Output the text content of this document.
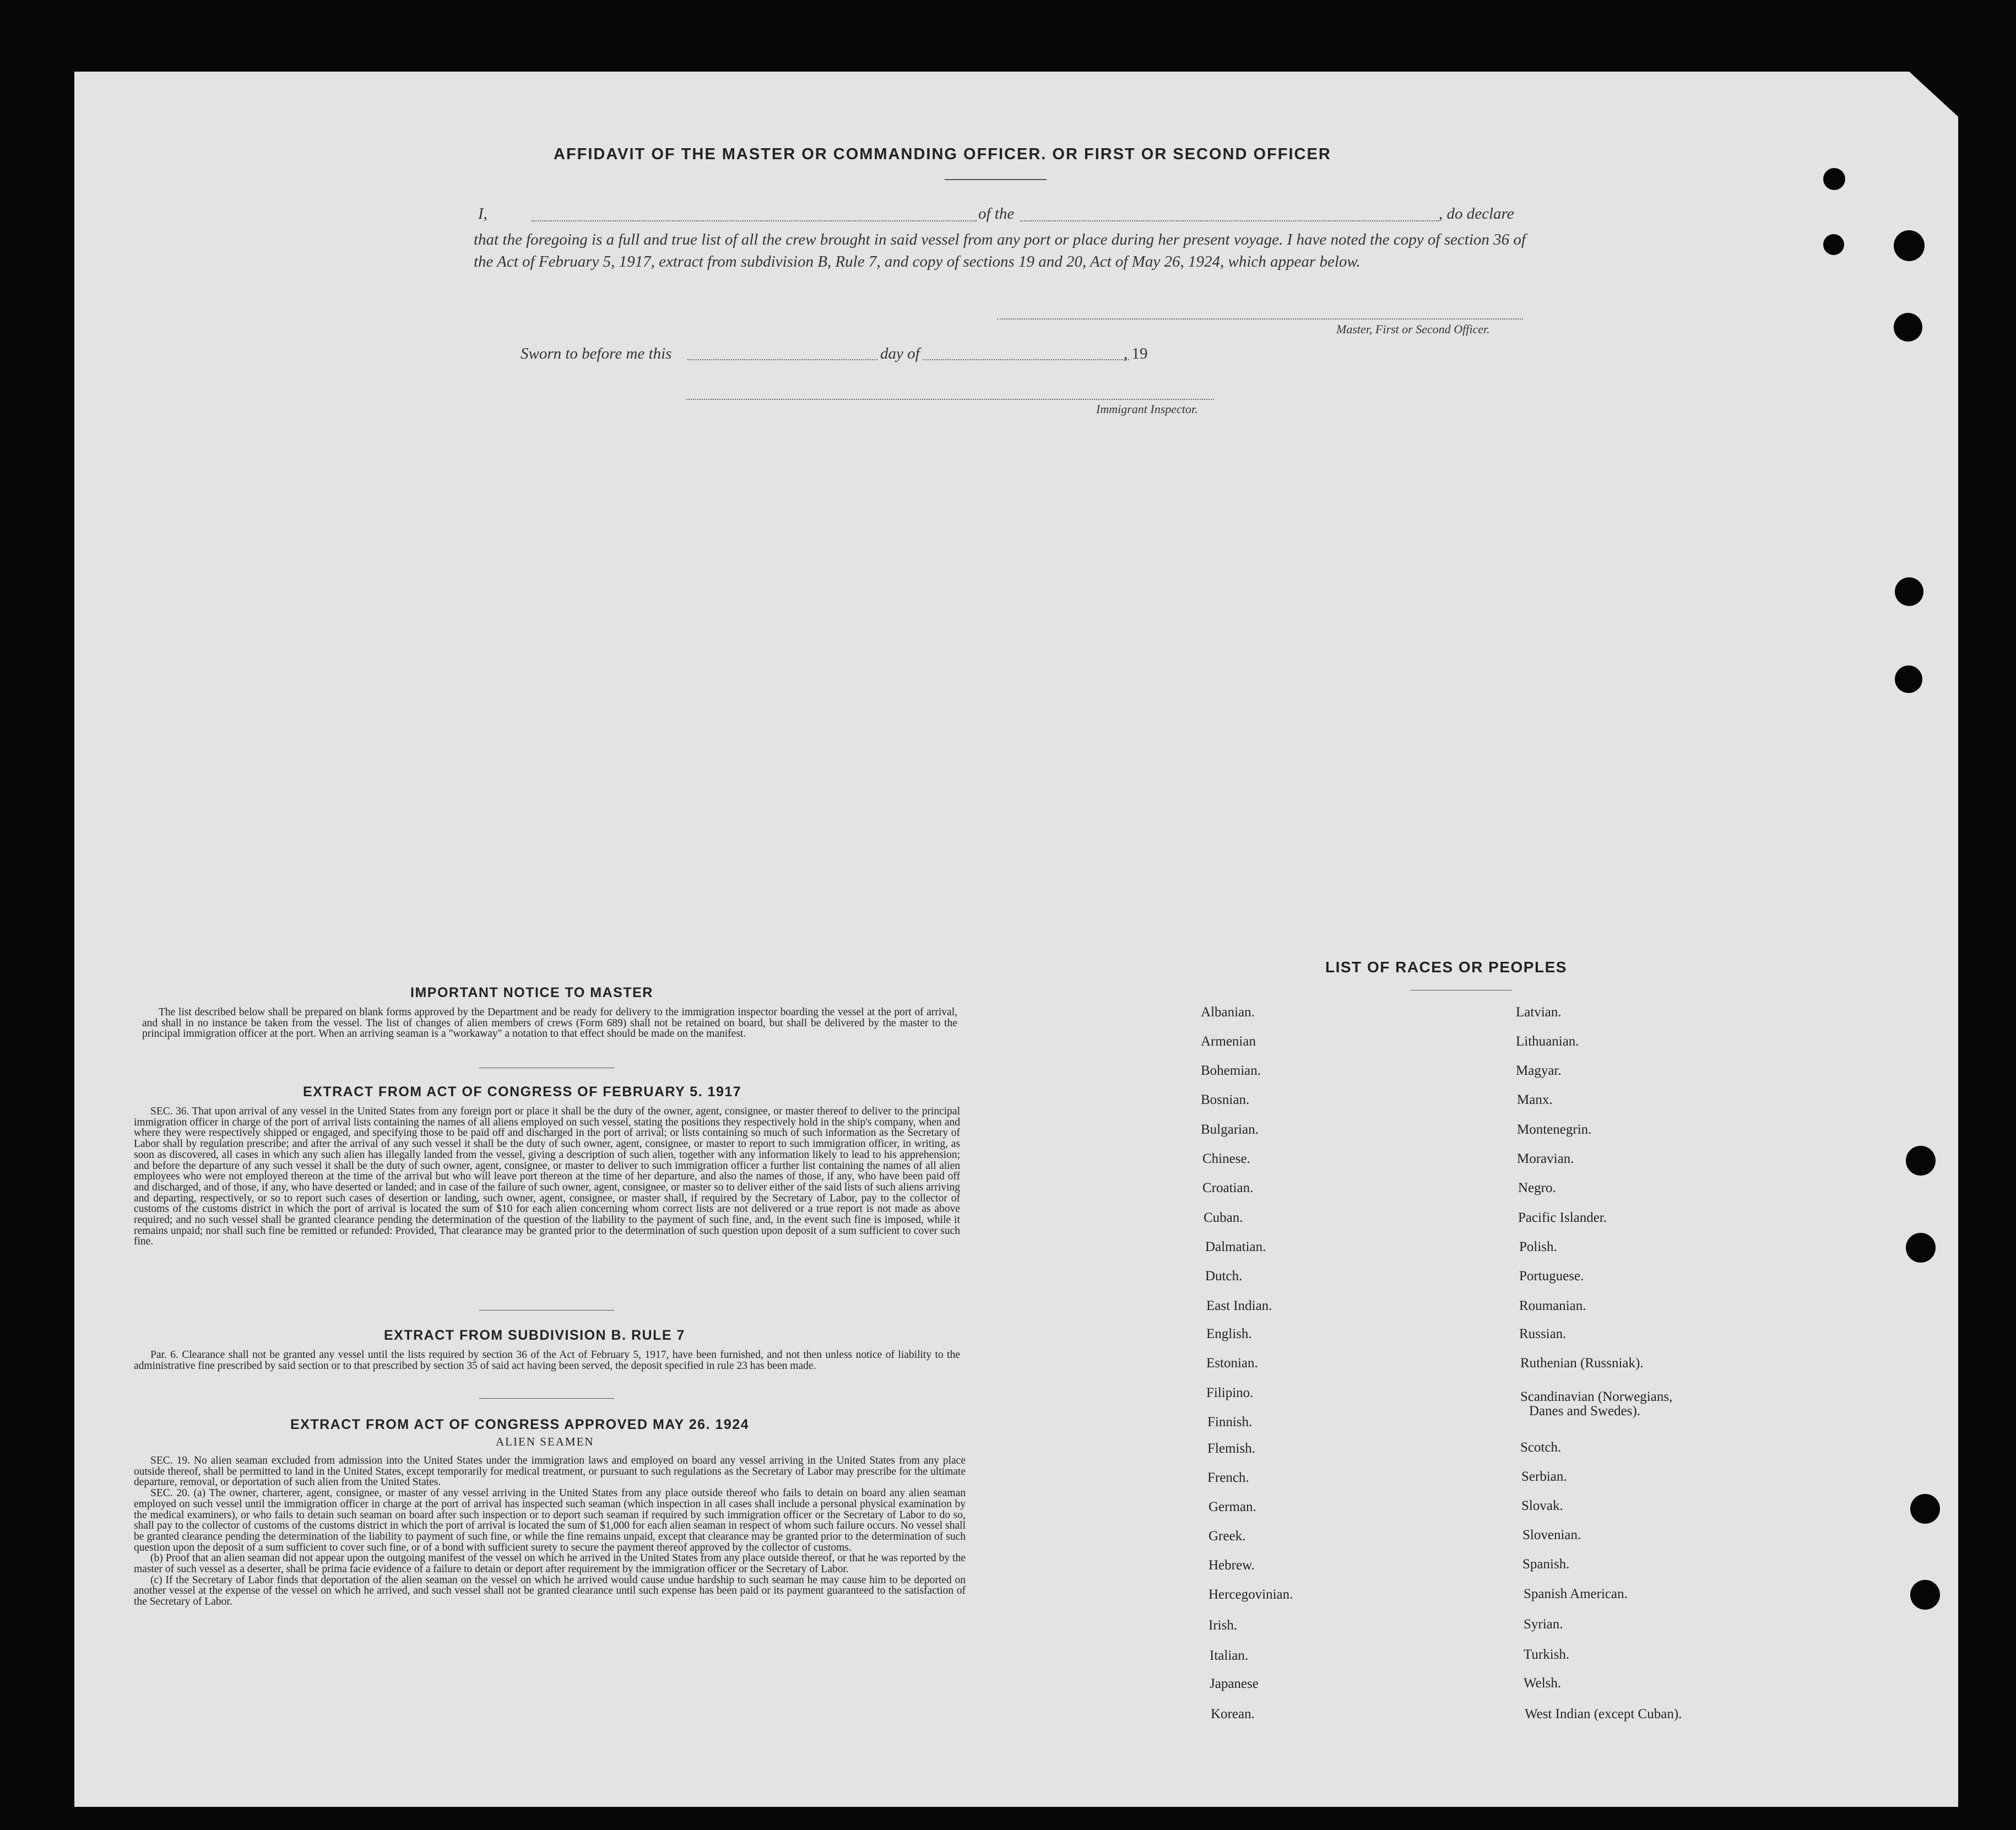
AFFIDAVIT OF THE MASTER OR COMMANDING OFFICER. OR FIRST OR SECOND OFFICER
I,	of the	, do declare
that the foregoing is a full and true list of all the crew brought in said vessel from any port or place during her present voyage. I have noted the copy of section 36 of the Act of February 5, 1917, extract from subdivision B, Rule 7, and copy of sections 19 and 20, Act of May 26, 1924, which appear below.
Master, First or Second Officer.
Sworn to before me this	day of	, 19
Immigrant Inspector.
IMPORTANT NOTICE TO MASTER

The list described below shall be prepared on blank forms approved by the Department and be ready for delivery to the immigration inspector boarding the vessel at the port of arrival, and shall in no instance be taken from the vessel. The list of changes of alien members of crews (Form 689) shall not be retained on board, but shall be delivered by the master to the principal immigration officer at the port. When an arriving seaman is a "workaway" a notation to that effect should be made on the manifest.

EXTRACT FROM ACT OF CONGRESS OF FEBRUARY 5. 1917

SEC. 36. That upon arrival of any vessel in the United States from any foreign port or place it shall be the duty of the owner, agent, consignee, or master thereof to deliver to the principal immigration officer in charge of the port of arrival lists containing the names of all aliens employed on such vessel, stating the positions they respectively hold in the ship's company, when and where they were respectively shipped or engaged, and specifying those to be paid off and discharged in the port of arrival; or lists containing so much of such information as the Secretary of Labor shall by regulation prescribe; and after the arrival of any such vessel it shall be the duty of such owner, agent, consignee, or master to report to such immigration officer, in writing, as soon as discovered, all cases in which any such alien has illegally landed from the vessel, giving a description of such alien, together with any information likely to lead to his apprehension; and before the departure of any such vessel it shall be the duty of such owner, agent, consignee, or master to deliver to such immigration officer a further list containing the names of all alien employees who were not employed thereon at the time of the arrival but who will leave port thereon at the time of her departure, and also the names of those, if any, who have been paid off and discharged, and of those, if any, who have deserted or landed; and in case of the failure of such owner, agent, consignee, or master so to deliver either of the said lists of such aliens arriving and departing, respectively, or so to report such cases of desertion or landing, such owner, agent, consignee, or master shall, if required by the Secretary of Labor, pay to the collector of customs of the customs district in which the port of arrival is located the sum of $10 for each alien concerning whom correct lists are not delivered or a true report is not made as above required; and no such vessel shall be granted clearance pending the determination of the question of the liability to the payment of such fine, and, in the event such fine is imposed, while it remains unpaid; nor shall such fine be remitted or refunded: Provided, That clearance may be granted prior to the determination of such question upon deposit of a sum sufficient to cover such fine.

EXTRACT FROM SUBDIVISION B. RULE 7

Par. 6. Clearance shall not be granted any vessel until the lists required by section 36 of the Act of February 5, 1917, have been furnished, and not then unless notice of liability to the administrative fine prescribed by said section or to that prescribed by section 35 of said act having been served, the deposit specified in rule 23 has been made.

EXTRACT FROM ACT OF CONGRESS APPROVED MAY 26. 1924
ALIEN SEAMEN

SEC. 19. No alien seaman excluded from admission into the United States under the immigration laws and employed on board any vessel arriving in the United States from any place outside thereof, shall be permitted to land in the United States, except temporarily for medical treatment, or pursuant to such regulations as the Secretary of Labor may prescribe for the ultimate departure, removal, or deportation of such alien from the United States.

SEC. 20. (a) The owner, charterer, agent, consignee, or master of any vessel arriving in the United States from any place outside thereof who fails to detain on board any alien seaman employed on such vessel until the immigration officer in charge at the port of arrival has inspected such seaman (which inspection in all cases shall include a personal physical examination by the medical examiners), or who fails to detain such seaman on board after such inspection or to deport such seaman if required by such immigration officer or the Secretary of Labor to do so, shall pay to the collector of customs of the customs district in which the port of arrival is located the sum of $1,000 for each alien seaman in respect of whom such failure occurs. No vessel shall be granted clearance pending the determination of the liability to payment of such fine, or while the fine remains unpaid, except that clearance may be granted prior to the determination of such question upon the deposit of a sum sufficient to cover such fine, or of a bond with sufficient surety to secure the payment thereof approved by the collector of customs.

(b) Proof that an alien seaman did not appear upon the outgoing manifest of the vessel on which he arrived in the United States from any place outside thereof, or that he was reported by the master of such vessel as a deserter, shall be prima facie evidence of a failure to detain or deport after requirement by the immigration officer or the Secretary of Labor.

(c) If the Secretary of Labor finds that deportation of the alien seaman on the vessel on which he arrived would cause undue hardship to such seaman he may cause him to be deported on another vessel at the expense of the vessel on which he arrived, and such vessel shall not be granted clearance until such expense has been paid or its payment guaranteed to the satisfaction of the Secretary of Labor.

LIST OF RACES OR PEOPLES
Albanian.
Armenian
Bohemian.
Bosnian.
Bulgarian.
Chinese.
Croatian.
Cuban.
Dalmatian.
Dutch.
East Indian.
English.
Estonian.
Filipino.
Finnish.
Flemish.
French.
German.
Greek.
Hebrew.
Hercegovinian.
Irish.
Italian.
Japanese
Korean.
Latvian.
Lithuanian.
Magyar.
Manx.
Montenegrin.
Moravian.
Negro.
Pacific Islander.
Polish.
Portuguese.
Roumanian.
Russian.
Ruthenian (Russniak).
Scandinavian (Norwegians,
Danes and Swedes).
Scotch.
Serbian.
Slovak.
Slovenian.
Spanish.
Spanish American.
Syrian.
Turkish.
Welsh.
West Indian (except Cuban).
